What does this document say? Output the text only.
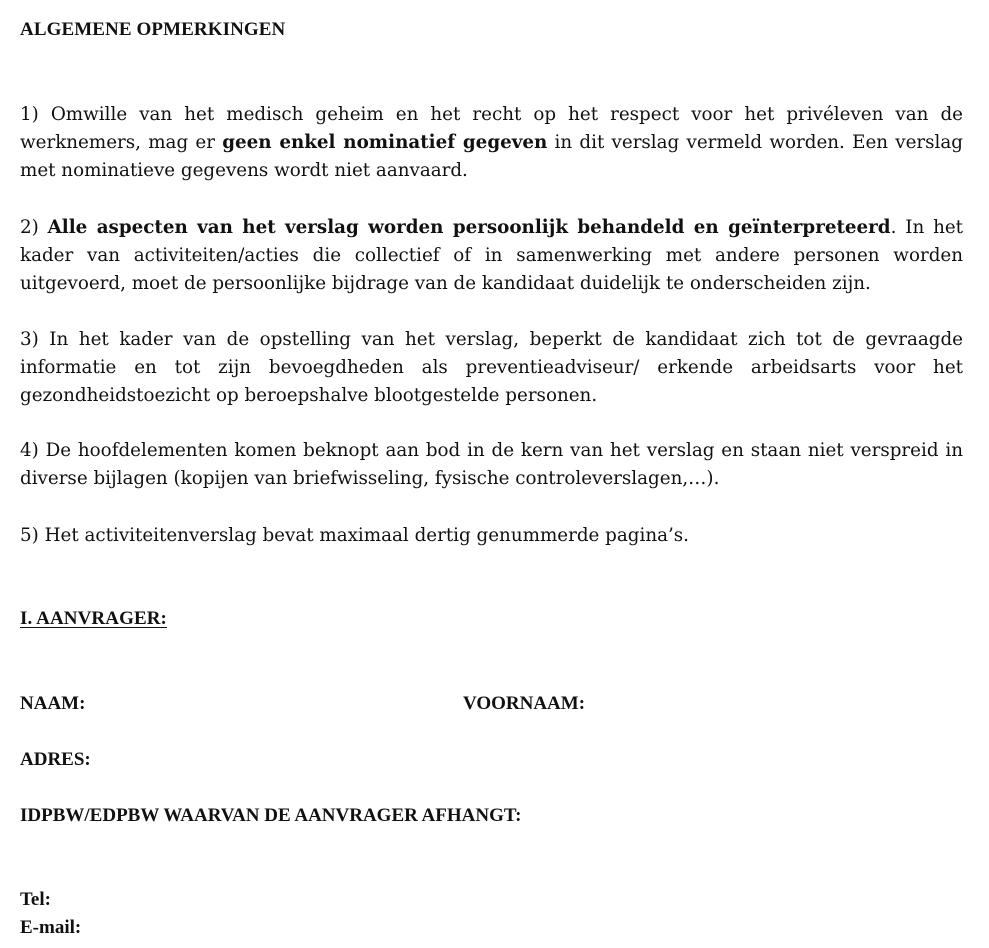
ALGEMENE OPMERKINGEN
1) Omwille van het medisch geheim en het recht op het respect voor het privéleven van de werknemers, mag er geen enkel nominatief gegeven in dit verslag vermeld worden. Een verslag met nominatieve gegevens wordt niet aanvaard.
2) Alle aspecten van het verslag worden persoonlijk behandeld en geïnterpreteerd. In het kader van activiteiten/acties die collectief of in samenwerking met andere personen worden uitgevoerd, moet de persoonlijke bijdrage van de kandidaat duidelijk te onderscheiden zijn.
3) In het kader van de opstelling van het verslag, beperkt de kandidaat zich tot de gevraagde informatie en tot zijn bevoegdheden als preventieadviseur/ erkende arbeidsarts voor het gezondheidstoezicht op beroepshalve blootgestelde personen.
4) De hoofdelementen komen beknopt aan bod in de kern van het verslag en staan niet verspreid in diverse bijlagen (kopijen van briefwisseling, fysische controleverslagen,…).
5) Het activiteitenverslag bevat maximaal dertig genummerde pagina’s.
I. AANVRAGER:
NAAM:	VOORNAAM:
ADRES:
IDPBW/EDPBW WAARVAN DE AANVRAGER AFHANGT:
Tel:
E-mail:
